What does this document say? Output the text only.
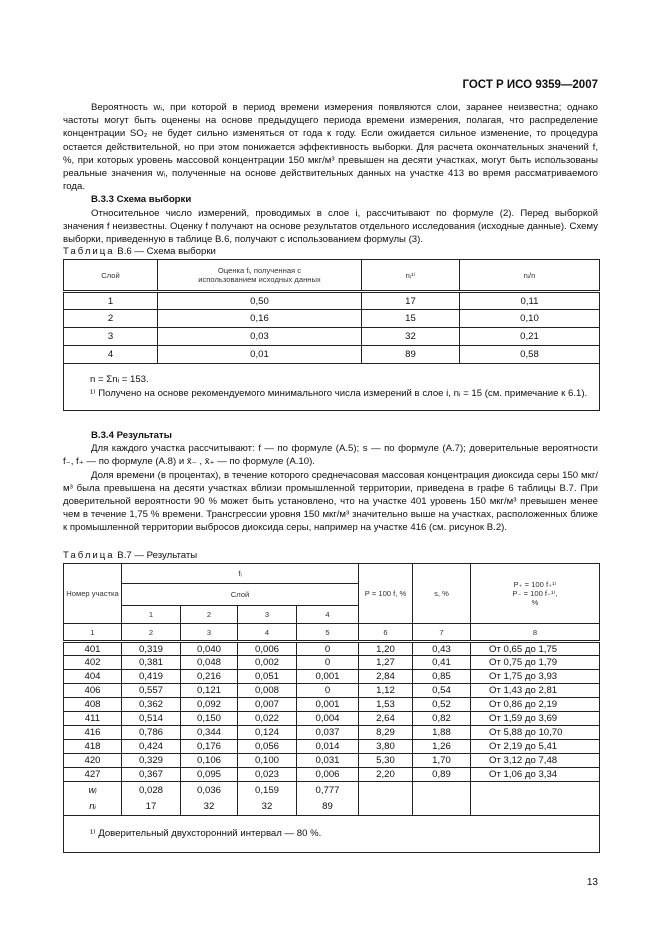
ГОСТ Р ИСО 9359—2007

Вероятность wᵢ, при которой в период времени измерения появляются слои, заранее неизвестна; однако частоты могут быть оценены на основе предыдущего периода времени измерения, полагая, что распределение концентрации SO₂ не будет сильно изменяться от года к году. Если ожидается сильное изменение, то процедура остается действительной, но при этом понижается эффективность выборки. Для расчета окончательных значений f, %, при которых уровень массовой концентрации 150 мкг/м³ превышен на десяти участках, могут быть использованы реальные значения wᵢ, полученные на основе действительных данных на участке 413 во время рассматриваемого года.

В.3.3 Схема выборки

Относительное число измерений, проводимых в слое i, рассчитывают по формуле (2). Перед выборкой значения f неизвестны. Оценку f получают на основе результатов отдельного исследования (исходные данные). Схему выборки, приведенную в таблице В.6, получают с использованием формулы (3).

Таблица В.6 — Схема выборки
Слой	Оценка fᵢ, полученная с использованием исходных данных	nᵢ¹⁾	nᵢ/n
1	0,50	17	0,11
2	0,16	15	0,10
3	0,03	32	0,21
4	0,01	89	0,58

n = Σnᵢ = 153.
¹⁾ Получено на основе рекомендуемого минимального числа измерений в слое i, nᵢ = 15 (см. примечание к 6.1).			

В.3.4 Результаты

Для каждого участка рассчитывают: f — по формуле (А.5); s — по формуле (А.7); доверительные вероятности f₋, f₊ — по формуле (А.8) и x̄₋ , x̄₊ — по формуле (А.10).

Доля времени (в процентах), в течение которого среднечасовая массовая концентрация диоксида серы 150 мкг/м³ была превышена на десяти участках вблизи промышленной территории, приведена в графе 6 таблицы В.7. При доверительной вероятности 90 % может быть установлено, что на участке 401 уровень 150 мкг/м³ превышен менее чем в течение 1,75 % времени. Трансгрессии уровня 150 мкг/м³ значительно выше на участках, расположенных ближе к промышленной территории выбросов диоксида серы, например на участке 416 (см. рисунок В.2).

Таблица В.7 — Результаты
Номер участка	fᵢ				P = 100 f, %	s, %	P₊ = 100 f₊¹⁾
P₋ = 100 f₋¹⁾,
%

	Слой						
	1	2	3	4			
1	2	3	4	5	6	7	8
401	0,319	0,040	0,006	0	1,20	0,43	От 0,65 до 1,75
402	0,381	0,048	0,002	0	1,27	0,41	От 0,75 до 1,79
404	0,419	0,216	0,051	0,001	2,84	0,85	От 1,75 до 3,93
406	0,557	0,121	0,008	0	1,12	0,54	От 1,43 до 2,81
408	0,362	0,092	0,007	0,001	1,53	0,52	От 0,86 до 2,19
411	0,514	0,150	0,022	0,004	2,64	0,82	От 1,59 до 3,69
416	0,786	0,344	0,124	0,037	8,29	1,88	От 5,88 до 10,70
418	0,424	0,176	0,056	0,014	3,80	1,26	От 2,19 до 5,41
420	0,329	0,106	0,100	0,031	5,30	1,70	От 3,12 до 7,48
427	0,367	0,095	0,023	0,006	2,20	0,89	От 1,06 до 3,34
wᵢ	0,028	0,036	0,159	0,777			
nᵢ	17	32	32	89			

¹⁾ Доверительный двухсторонний интервал — 80 %.							
13
